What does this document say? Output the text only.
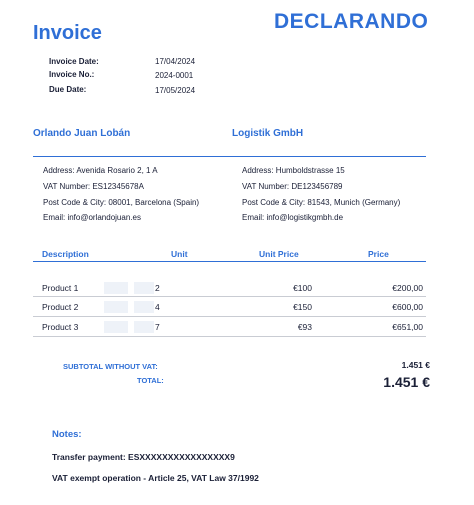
Invoice	DECLARANDO
Invoice Date:	17/04/2024
Invoice No.:	2024-0001
Due Date:	17/05/2024
Orlando Juan Lobán	Logistik GmbH
Address: Avenida Rosario 2, 1 A
VAT Number: ES12345678A
Post Code & City: 08001, Barcelona (Spain)
Email: info@orlandojuan.es
Address: Humboldstrasse 15
VAT Number: DE123456789
Post Code & City: 81543, Munich (Germany)
Email: info@logistikgmbh.de
Description	Unit	Unit Price	Price
Product 1	2	€100	€200,00
Product 2	4	€150	€600,00
Product 3	7	€93	€651,00
SUBTOTAL WITHOUT VAT:	1.451 €
TOTAL:	1.451 €
Notes:
Transfer payment: ESXXXXXXXXXXXXXXXX9
VAT exempt operation - Article 25, VAT Law 37/1992
